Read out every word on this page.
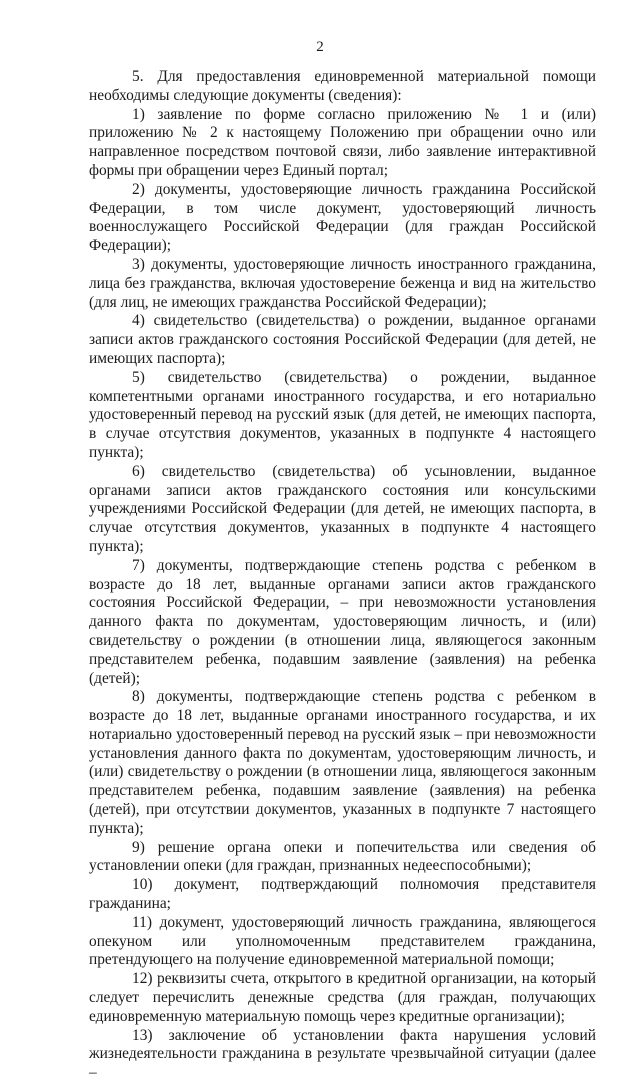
2

5. Для предоставления единовременной материальной помощи необходимы следующие документы (сведения):

1) заявление по форме согласно приложению № 1 и (или) приложению № 2 к настоящему Положению при обращении очно или направленное посредством почтовой связи, либо заявление интерактивной формы при обращении через Единый портал;

2) документы, удостоверяющие личность гражданина Российской Федерации, в том числе документ, удостоверяющий личность военнослужащего Российской Федерации (для граждан Российской Федерации);

3) документы, удостоверяющие личность иностранного гражданина, лица без гражданства, включая удостоверение беженца и вид на жительство (для лиц, не имеющих гражданства Российской Федерации);

4) свидетельство (свидетельства) о рождении, выданное органами записи актов гражданского состояния Российской Федерации (для детей, не имеющих паспорта);

5) свидетельство (свидетельства) о рождении, выданное компетентными органами иностранного государства, и его нотариально удостоверенный перевод на русский язык (для детей, не имеющих паспорта, в случае отсутствия документов, указанных в подпункте 4 настоящего пункта);

6) свидетельство (свидетельства) об усыновлении, выданное органами записи актов гражданского состояния или консульскими учреждениями Российской Федерации (для детей, не имеющих паспорта, в случае отсутствия документов, указанных в подпункте 4 настоящего пункта);

7) документы, подтверждающие степень родства с ребенком в возрасте до 18 лет, выданные органами записи актов гражданского состояния Российской Федерации, – при невозможности установления данного факта по документам, удостоверяющим личность, и (или) свидетельству о рождении (в отношении лица, являющегося законным представителем ребенка, подавшим заявление (заявления) на ребенка (детей);

8) документы, подтверждающие степень родства с ребенком в возрасте до 18 лет, выданные органами иностранного государства, и их нотариально удостоверенный перевод на русский язык – при невозможности установления данного факта по документам, удостоверяющим личность, и (или) свидетельству о рождении (в отношении лица, являющегося законным представителем ребенка, подавшим заявление (заявления) на ребенка (детей), при отсутствии документов, указанных в подпункте 7 настоящего пункта);

9) решение органа опеки и попечительства или сведения об установлении опеки (для граждан, признанных недееспособными);

10) документ, подтверждающий полномочия представителя гражданина;

11) документ, удостоверяющий личность гражданина, являющегося опекуном или уполномоченным представителем гражданина, претендующего на получение единовременной материальной помощи;

12) реквизиты счета, открытого в кредитной организации, на который следует перечислить денежные средства (для граждан, получающих единовременную материальную помощь через кредитные организации);

13) заключение об установлении факта нарушения условий жизнедеятельности гражданина в результате чрезвычайной ситуации (далее –
